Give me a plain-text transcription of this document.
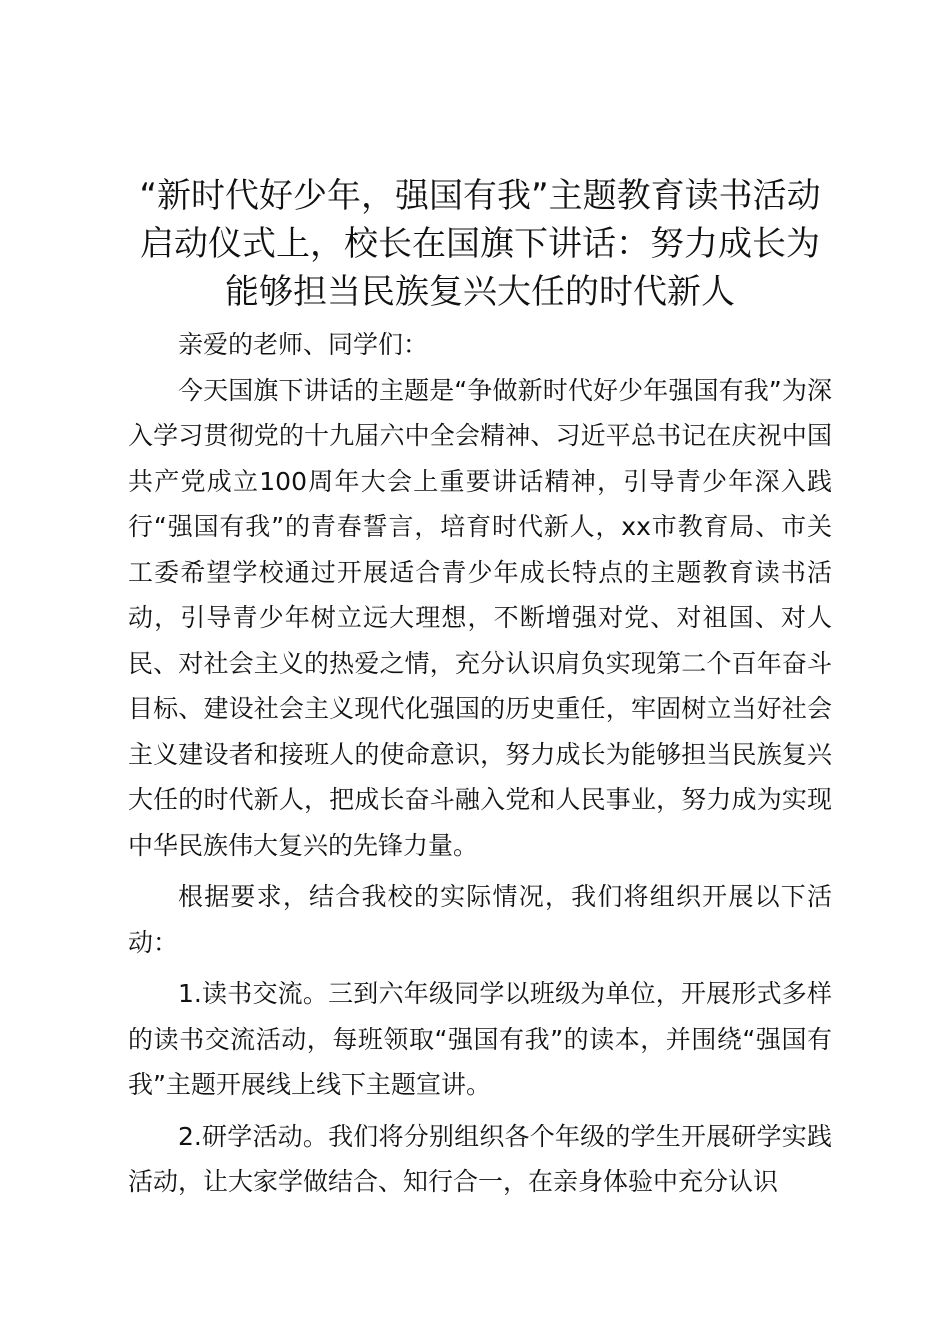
“新时代好少年，强国有我”主题教育读书活动启动仪式上，校长在国旗下讲话：努力成长为能够担当民族复兴大任的时代新人

亲爱的老师、同学们：

今天国旗下讲话的主题是“争做新时代好少年强国有我”为深入学习贯彻党的十九届六中全会精神、习近平总书记在庆祝中国共产党成立100周年大会上重要讲话精神，引导青少年深入践行“强国有我”的青春誓言，培育时代新人，xx市教育局、市关工委希望学校通过开展适合青少年成长特点的主题教育读书活动，引导青少年树立远大理想，不断增强对党、对祖国、对人民、对社会主义的热爱之情，充分认识肩负实现第二个百年奋斗目标、建设社会主义现代化强国的历史重任，牢固树立当好社会主义建设者和接班人的使命意识，努力成长为能够担当民族复兴大任的时代新人，把成长奋斗融入党和人民事业，努力成为实现中华民族伟大复兴的先锋力量。

根据要求，结合我校的实际情况，我们将组织开展以下活动：

1.读书交流。三到六年级同学以班级为单位，开展形式多样的读书交流活动，每班领取“强国有我”的读本，并围绕“强国有我”主题开展线上线下主题宣讲。

2.研学活动。我们将分别组织各个年级的学生开展研学实践活动，让大家学做结合、知行合一，在亲身体验中充分认识
